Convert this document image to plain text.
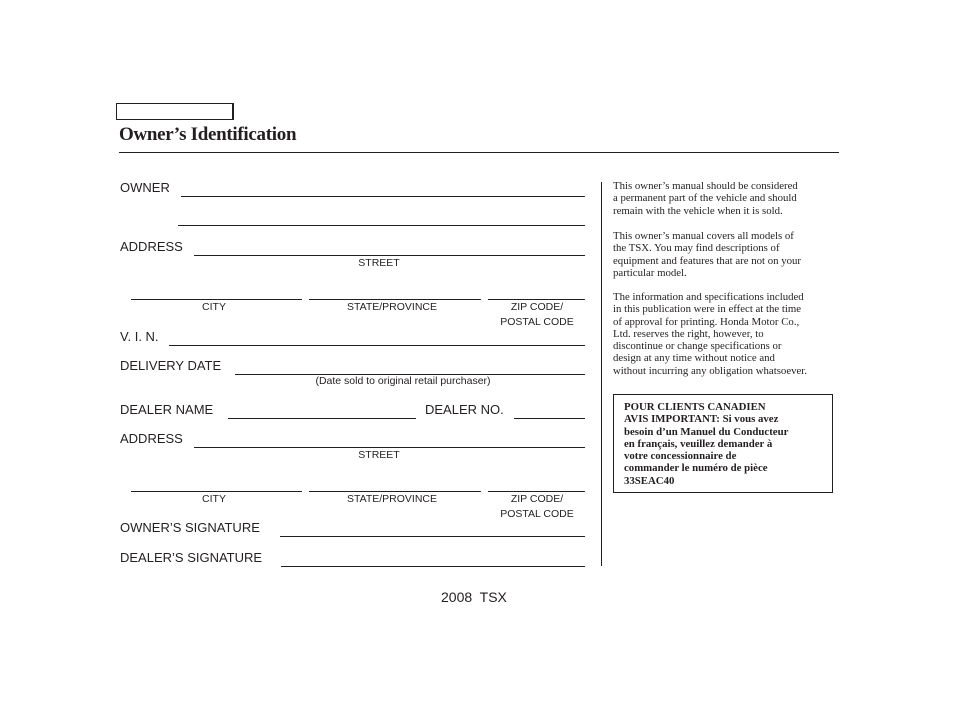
Owner’s Identification
OWNER
ADDRESS
STREET
CITY	STATE/PROVINCE	ZIP CODE/
POSTAL CODE
V. I. N.
DELIVERY DATE
(Date sold to original retail purchaser)
DEALER NAME	DEALER NO.
ADDRESS
STREET
CITY	STATE/PROVINCE	ZIP CODE/
POSTAL CODE
OWNER’S SIGNATURE
DEALER’S SIGNATURE
This owner’s manual should be considered
a permanent part of the vehicle and should
remain with the vehicle when it is sold.
This owner’s manual covers all models of
the TSX. You may find descriptions of
equipment and features that are not on your
particular model.
The information and specifications included
in this publication were in effect at the time
of approval for printing. Honda Motor Co.,
Ltd. reserves the right, however, to
discontinue or change specifications or
design at any time without notice and
without incurring any obligation whatsoever.
POUR CLIENTS CANADIEN
AVIS IMPORTANT: Si vous avez
besoin d’un Manuel du Conducteur
en français, veuillez demander à
votre concessionnaire de
commander le numéro de pièce
33SEAC40
2008  TSX
